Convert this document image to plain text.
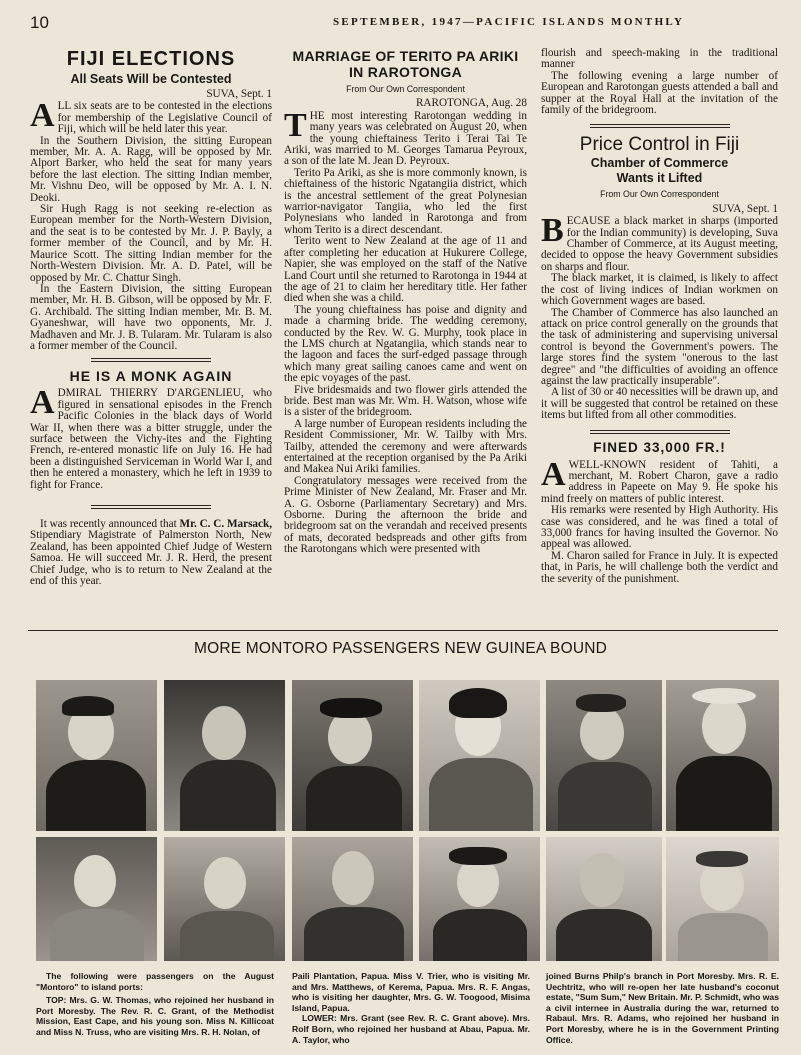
10	SEPTEMBER, 1947—PACIFIC ISLANDS MONTHLY
FIJI ELECTIONS
All Seats Will be Contested
SUVA, Sept. 1

ALL six seats are to be contested in the elections for membership of the Legislative Council of Fiji, which will be held later this year.

In the Southern Division, the sitting European member, Mr. A. A. Ragg, will be opposed by Mr. Alport Barker, who held the seat for many years before the last election. The sitting Indian member, Mr. Vishnu Deo, will be opposed by Mr. A. I. N. Deoki.

Sir Hugh Ragg is not seeking re-election as European member for the North-Western Division, and the seat is to be contested by Mr. J. P. Bayly, a former member of the Council, and by Mr. H. Maurice Scott. The sitting Indian member for the North-Western Division. Mr. A. D. Patel, will be opposed by Mr. C. Chattur Singh.

In the Eastern Division, the sitting European member, Mr. H. B. Gibson, will be opposed by Mr. F. G. Archibald. The sitting Indian member, Mr. B. M. Gyaneshwar, will have two opponents, Mr. J. Madhaven and Mr. J. B. Tularam. Mr. Tularam is also a former member of the Council.

HE IS A MONK AGAIN

ADMIRAL THIERRY D'ARGENLIEU, who figured in sensational episodes in the French Pacific Colonies in the black days of World War II, when there was a bitter struggle, under the surface between the Vichy-ites and the Fighting French, re-entered monastic life on July 16. He had been a distinguished Serviceman in World War I, and then he entered a monastery, which he left in 1939 to fight for France.

It was recently announced that Mr. C. C. Marsack, Stipendiary Magistrate of Palmerston North, New Zealand, has been appointed Chief Judge of Western Samoa. He will succeed Mr. J. R. Herd, the present Chief Judge, who is to return to New Zealand at the end of this year.

MARRIAGE OF TERITO PA ARIKI IN RAROTONGA
From Our Own Correspondent
RAROTONGA, Aug. 28

THE most interesting Rarotongan wedding in many years was celebrated on August 20, when the young chieftainess Terito i Terai Tai Te Ariki, was married to M. Georges Tamarua Peyroux, a son of the late M. Jean D. Peyroux.

Terito Pa Ariki, as she is more commonly known, is chieftainess of the historic Ngatangiia district, which is the ancestral settlement of the great Polynesian warrior-navigator Tangiia, who led the first Polynesians who landed in Rarotonga and from whom Terito is a direct descendant.

Terito went to New Zealand at the age of 11 and after completing her education at Hukurere College, Napier, she was employed on the staff of the Native Land Court until she returned to Rarotonga in 1944 at the age of 21 to claim her hereditary title. Her father died when she was a child.

The young chieftainess has poise and dignity and made a charming bride. The wedding ceremony, conducted by the Rev. W. G. Murphy, took place in the LMS church at Ngatangiia, which stands near to the lagoon and faces the surf-edged passage through which many great sailing canoes came and went on the epic voyages of the past.

Five bridesmaids and two flower girls attended the bride. Best man was Mr. Wm. H. Watson, whose wife is a sister of the bridegroom.

A large number of European residents including the Resident Commissioner, Mr. W. Tailby with Mrs. Tailby, attended the ceremony and were afterwards entertained at the reception organised by the Pa Ariki and Makea Nui Ariki families.

Congratulatory messages were received from the Prime Minister of New Zealand, Mr. Fraser and Mr. A. G. Osborne (Parliamentary Secretary) and Mrs. Osborne. During the afternoon the bride and bridegroom sat on the verandah and received presents of mats, decorated bedspreads and other gifts from the Rarotongans which were presented with

flourish and speech-making in the traditional manner

The following evening a large number of European and Rarotongan guests attended a ball and supper at the Royal Hall at the invitation of the family of the bridegroom.

Price Control in Fiji
Chamber of Commerce
Wants it Lifted
From Our Own Correspondent
SUVA, Sept. 1

BECAUSE a black market in sharps (imported for the Indian community) is developing, Suva Chamber of Commerce, at its August meeting, decided to oppose the heavy Government subsidies on sharps and flour.

The black market, it is claimed, is likely to affect the cost of living indices of Indian workmen on which Government wages are based.

The Chamber of Commerce has also launched an attack on price control generally on the grounds that the task of administering and supervising universal control is beyond the Government's powers. The large stores find the system "onerous to the last degree" and "the difficulties of avoiding an offence against the law practically insuperable".

A list of 30 or 40 necessities will be drawn up, and it will be suggested that control be retained on these items but lifted from all other commodities.

FINED 33,000 FR.!

AWELL-KNOWN resident of Tahiti, a merchant, M. Robert Charon, gave a radio address in Papeete on May 9. He spoke his mind freely on matters of public interest.

His remarks were resented by High Authority. His case was considered, and he was fined a total of 33,000 francs for having insulted the Governor. No appeal was allowed.

M. Charon sailed for France in July. It is expected that, in Paris, he will challenge both the verdict and the severity of the punishment.

MORE MONTORO PASSENGERS NEW GUINEA BOUND

The following were passengers on the August "Montoro" to island ports:

TOP: Mrs. G. W. Thomas, who rejoined her husband in Port Moresby. The Rev. R. C. Grant, of the Methodist Mission, East Cape, and his young son. Miss N. Killicoat and Miss N. Truss, who are visiting Mrs. R. H. Nolan, of

Paili Plantation, Papua. Miss V. Trier, who is visiting Mr. and Mrs. Matthews, of Kerema, Papua. Mrs. R. F. Angas, who is visiting her daughter, Mrs. G. W. Toogood, Misima Island, Papua.

LOWER: Mrs. Grant (see Rev. R. C. Grant above). Mrs. Rolf Born, who rejoined her husband at Abau, Papua. Mr. A. Taylor, who

joined Burns Philp's branch in Port Moresby. Mrs. R. E. Uechtritz, who will re-open her late husband's coconut estate, "Sum Sum," New Britain. Mr. P. Schmidt, who was a civil internee in Australia during the war, returned to Rabaul. Mrs. R. Adams, who rejoined her husband in Port Moresby, where he is in the Government Printing Office.
